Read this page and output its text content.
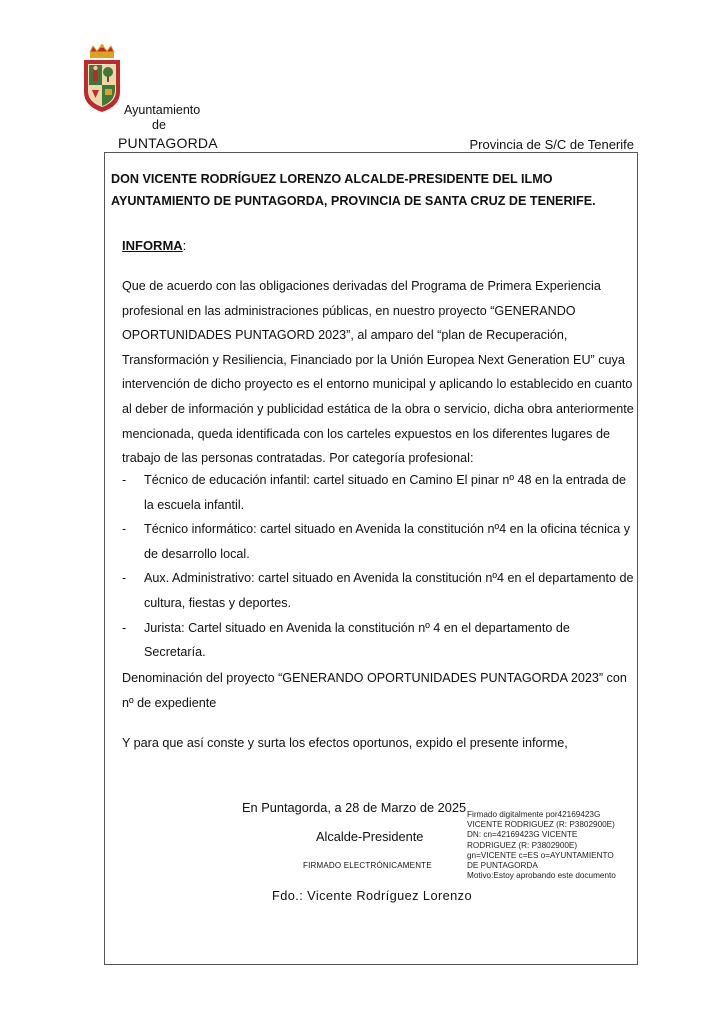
Ayuntamiento
de
PUNTAGORDA	Provincia de S/C de Tenerife
DON VICENTE RODRÍGUEZ LORENZO ALCALDE-PRESIDENTE DEL ILMO AYUNTAMIENTO DE PUNTAGORDA, PROVINCIA DE SANTA CRUZ DE TENERIFE.
INFORMA:
Que de acuerdo con las obligaciones derivadas del Programa de Primera Experiencia profesional en las administraciones públicas, en nuestro proyecto “GENERANDO OPORTUNIDADES PUNTAGORD 2023”, al amparo del “plan de Recuperación, Transformación y Resiliencia, Financiado por la Unión Europea Next Generation EU” cuya intervención de dicho proyecto es el entorno municipal y aplicando lo establecido en cuanto al deber de información y publicidad estática de la obra o servicio, dicha obra anteriormente mencionada, queda identificada con los carteles expuestos en los diferentes lugares de trabajo de las personas contratadas. Por categoría profesional:
- Técnico de educación infantil: cartel situado en Camino El pinar nº 48 en la entrada de la escuela infantil.
- Técnico informático: cartel situado en Avenida la constitución nº4 en la oficina técnica y de desarrollo local.
- Aux. Administrativo: cartel situado en Avenida la constitución nº4 en el departamento de cultura, fiestas y deportes.
- Jurista: Cartel situado en Avenida la constitución nº 4 en el departamento de Secretaría.
Denominación del proyecto “GENERANDO OPORTUNIDADES PUNTAGORDA 2023” con nº de expediente
Y para que así conste y surta los efectos oportunos, expido el presente informe,
En Puntagorda, a 28 de Marzo de 2025
Alcalde-Presidente
FIRMADO ELECTRÓNICAMENTE
Fdo.: Vicente Rodríguez Lorenzo
Firmado digitalmente por42169423G
VICENTE RODRIGUEZ (R: P3802900E)
DN: cn=42169423G VICENTE
RODRIGUEZ (R: P3802900E)
gn=VICENTE c=ES o=AYUNTAMIENTO
DE PUNTAGORDA
Motivo:Estoy aprobando este documento
